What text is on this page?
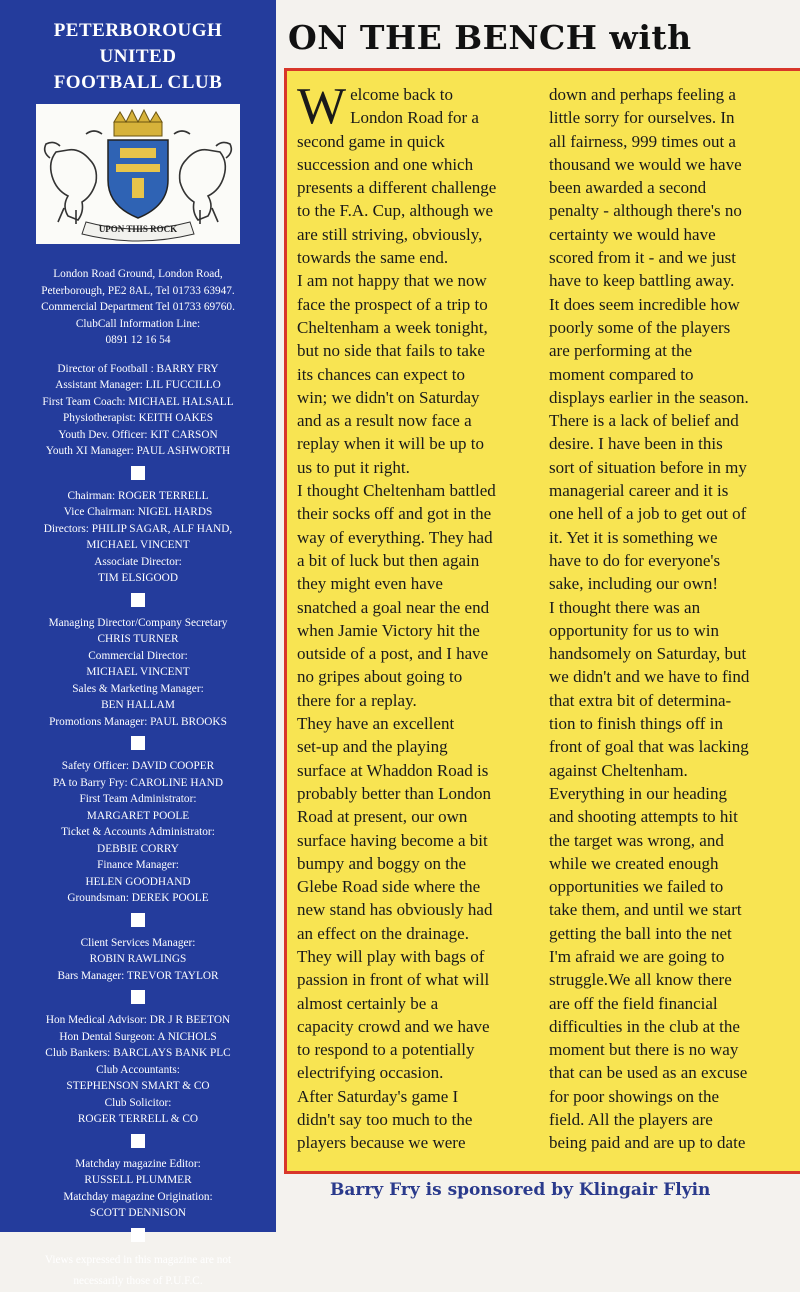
PETERBOROUGH
UNITED
FOOTBALL CLUB
UPON THIS ROCK
London Road Ground, London Road,
Peterborough, PE2 8AL, Tel 01733 63947.
Commercial Department Tel 01733 69760.
ClubCall Information Line:
0891 12 16 54
Director of Football : BARRY FRY
Assistant Manager: LIL FUCCILLO
First Team Coach: MICHAEL HALSALL
Physiotherapist: KEITH OAKES
Youth Dev. Officer: KIT CARSON
Youth XI Manager: PAUL ASHWORTH
Chairman: ROGER TERRELL
Vice Chairman: NIGEL HARDS
Directors: PHILIP SAGAR, ALF HAND,
MICHAEL VINCENT
Associate Director:
TIM ELSIGOOD
Managing Director/Company Secretary
CHRIS TURNER
Commercial Director:
MICHAEL VINCENT
Sales & Marketing Manager:
BEN HALLAM
Promotions Manager: PAUL BROOKS
Safety Officer: DAVID COOPER
PA to Barry Fry: CAROLINE HAND
First Team Administrator:
MARGARET POOLE
Ticket & Accounts Administrator:
DEBBIE CORRY
Finance Manager:
HELEN GOODHAND
Groundsman: DEREK POOLE
Client Services Manager:
ROBIN RAWLINGS
Bars Manager: TREVOR TAYLOR
Hon Medical Advisor: DR J R BEETON
Hon Dental Surgeon: A NICHOLS
Club Bankers: BARCLAYS BANK PLC
Club Accountants:
STEPHENSON SMART & CO
Club Solicitor:
ROGER TERRELL & CO
Matchday magazine Editor:
RUSSELL PLUMMER
Matchday magazine Origination:
SCOTT DENNISON
Views expressed in this magazine are not
necessarily those of P.U.F.C.
ON THE BENCH with
W elcome back to
London Road for a
second game in quick
succession and one which
presents a different challenge
to the F.A. Cup, although we
are still striving, obviously,
towards the same end.
I am not happy that we now
face the prospect of a trip to
Cheltenham a week tonight,
but no side that fails to take
its chances can expect to
win; we didn't on Saturday
and as a result now face a
replay when it will be up to
us to put it right.
I thought Cheltenham battled
their socks off and got in the
way of everything. They had
a bit of luck but then again
they might even have
snatched a goal near the end
when Jamie Victory hit the
outside of a post, and I have
no gripes about going to
there for a replay.
They have an excellent
set-up and the playing
surface at Whaddon Road is
probably better than London
Road at present, our own
surface having become a bit
bumpy and boggy on the
Glebe Road side where the
new stand has obviously had
an effect on the drainage.
They will play with bags of
passion in front of what will
almost certainly be a
capacity crowd and we have
to respond to a potentially
electrifying occasion.
After Saturday's game I
didn't say too much to the
players because we were
down and perhaps feeling a
little sorry for ourselves. In
all fairness, 999 times out a
thousand we would we have
been awarded a second
penalty - although there's no
certainty we would have
scored from it - and we just
have to keep battling away.
It does seem incredible how
poorly some of the players
are performing at the
moment compared to
displays earlier in the season.
There is a lack of belief and
desire. I have been in this
sort of situation before in my
managerial career and it is
one hell of a job to get out of
it. Yet it is something we
have to do for everyone's
sake, including our own!
I thought there was an
opportunity for us to win
handsomely on Saturday, but
we didn't and we have to find
that extra bit of determina-
tion to finish things off in
front of goal that was lacking
against Cheltenham.
Everything in our heading
and shooting attempts to hit
the target was wrong, and
while we created enough
opportunities we failed to
take them, and until we start
getting the ball into the net
I'm afraid we are going to
struggle.We all know there
are off the field financial
difficulties in the club at the
moment but there is no way
that can be used as an excuse
for poor showings on the
field. All the players are
being paid and are up to date
Barry Fry is sponsored by Klingair Flyin
